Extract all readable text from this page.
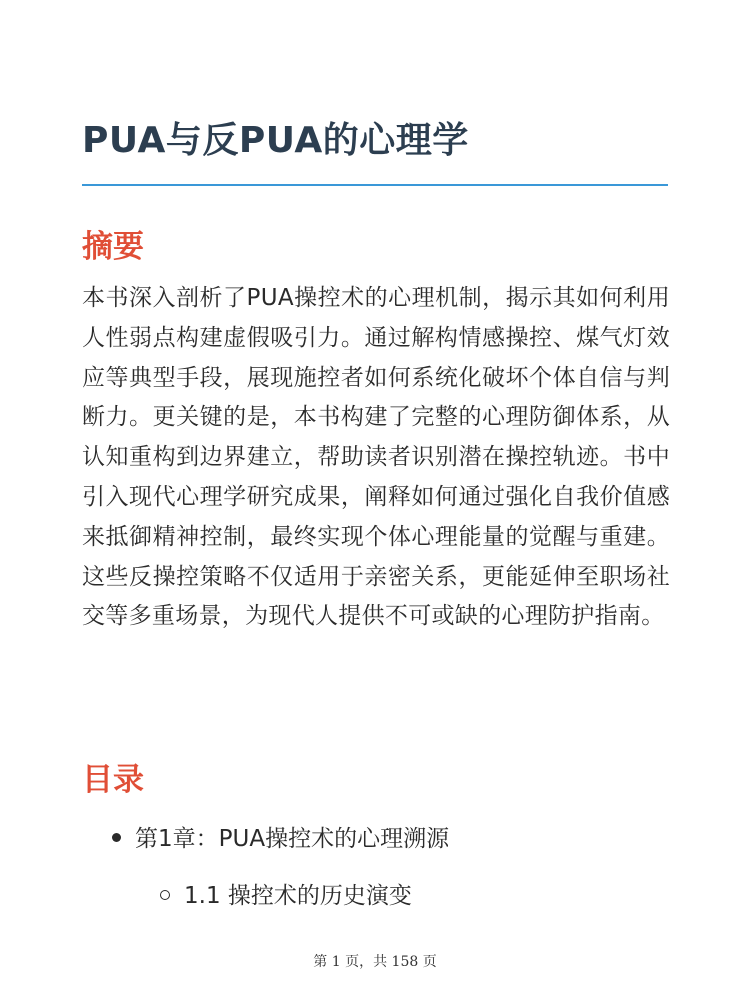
PUA与反PUA的心理学
摘要

本书深入剖析了PUA操控术的心理机制，揭示其如何利用人性弱点构建虚假吸引力。通过解构情感操控、煤气灯效应等典型手段，展现施控者如何系统化破坏个体自信与判断力。更关键的是，本书构建了完整的心理防御体系，从认知重构到边界建立，帮助读者识别潜在操控轨迹。书中引入现代心理学研究成果，阐释如何通过强化自我价值感来抵御精神控制，最终实现个体心理能量的觉醒与重建。这些反操控策略不仅适用于亲密关系，更能延伸至职场社交等多重场景，为现代人提供不可或缺的心理防护指南。

目录
第1章：PUA操控术的心理溯源
1.1 操控术的历史演变
第 1 页，共 158 页
